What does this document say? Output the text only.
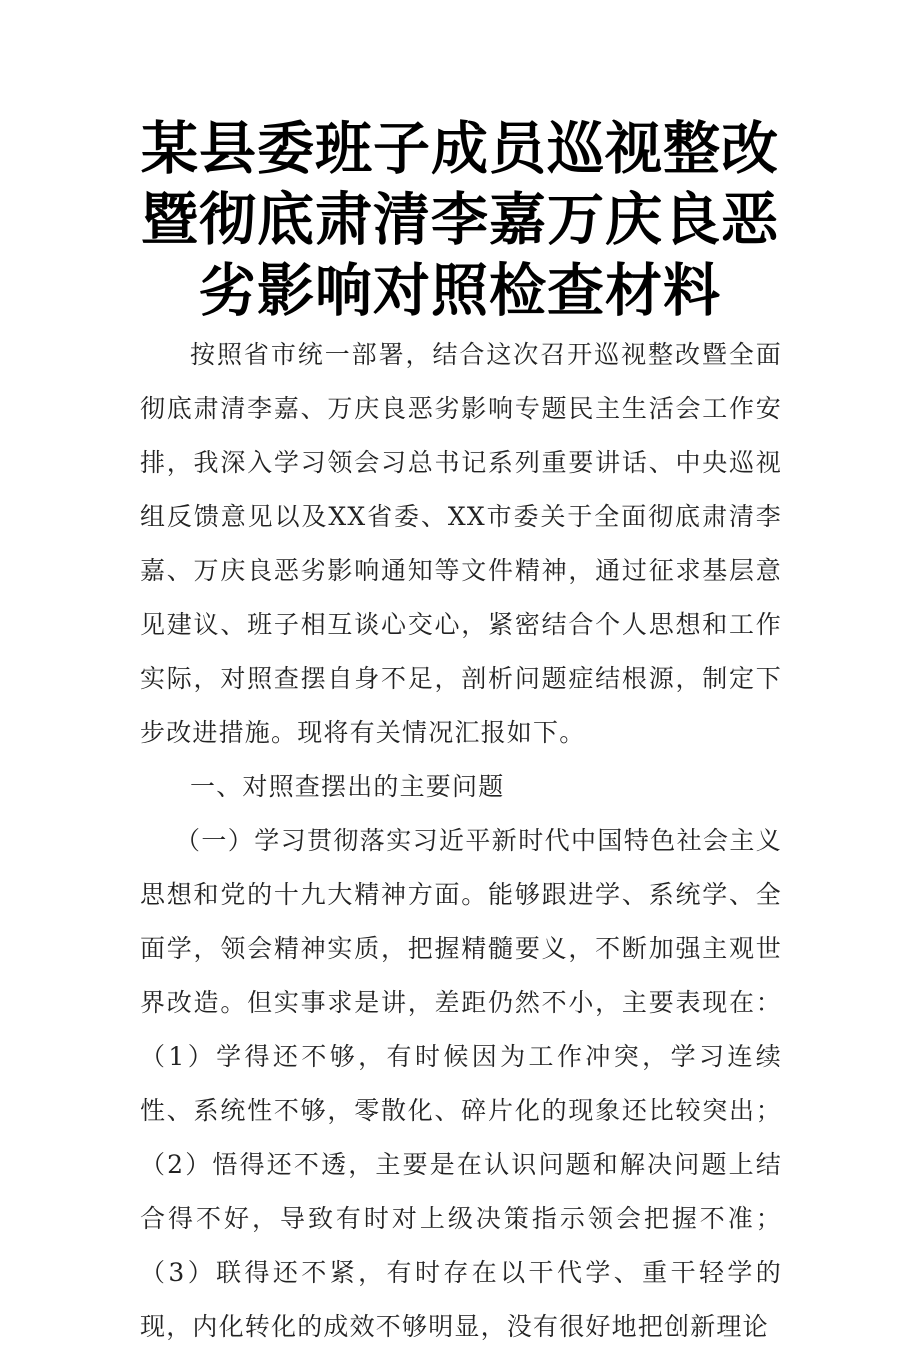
某县委班子成员巡视整改暨彻底肃清李嘉万庆良恶劣影响对照检查材料

按照省市统一部署，结合这次召开巡视整改暨全面彻底肃清李嘉、万庆良恶劣影响专题民主生活会工作安排，我深入学习领会习总书记系列重要讲话、中央巡视组反馈意见以及XX省委、XX市委关于全面彻底肃清李嘉、万庆良恶劣影响通知等文件精神，通过征求基层意见建议、班子相互谈心交心，紧密结合个人思想和工作实际，对照查摆自身不足，剖析问题症结根源，制定下步改进措施。现将有关情况汇报如下。

一、对照查摆出的主要问题

（一）学习贯彻落实习近平新时代中国特色社会主义思想和党的十九大精神方面。能够跟进学、系统学、全面学，领会精神实质，把握精髓要义，不断加强主观世界改造。但实事求是讲，差距仍然不小，主要表现在：（1）学得还不够，有时候因为工作冲突，学习连续性、系统性不够，零散化、碎片化的现象还比较突出；（2）悟得还不透，主要是在认识问题和解决问题上结合得不好，导致有时对上级决策指示领会把握不准；（3）联得还不紧，有时存在以干代学、重干轻学的现，内化转化的成效不够明显，没有很好地把创新理论
